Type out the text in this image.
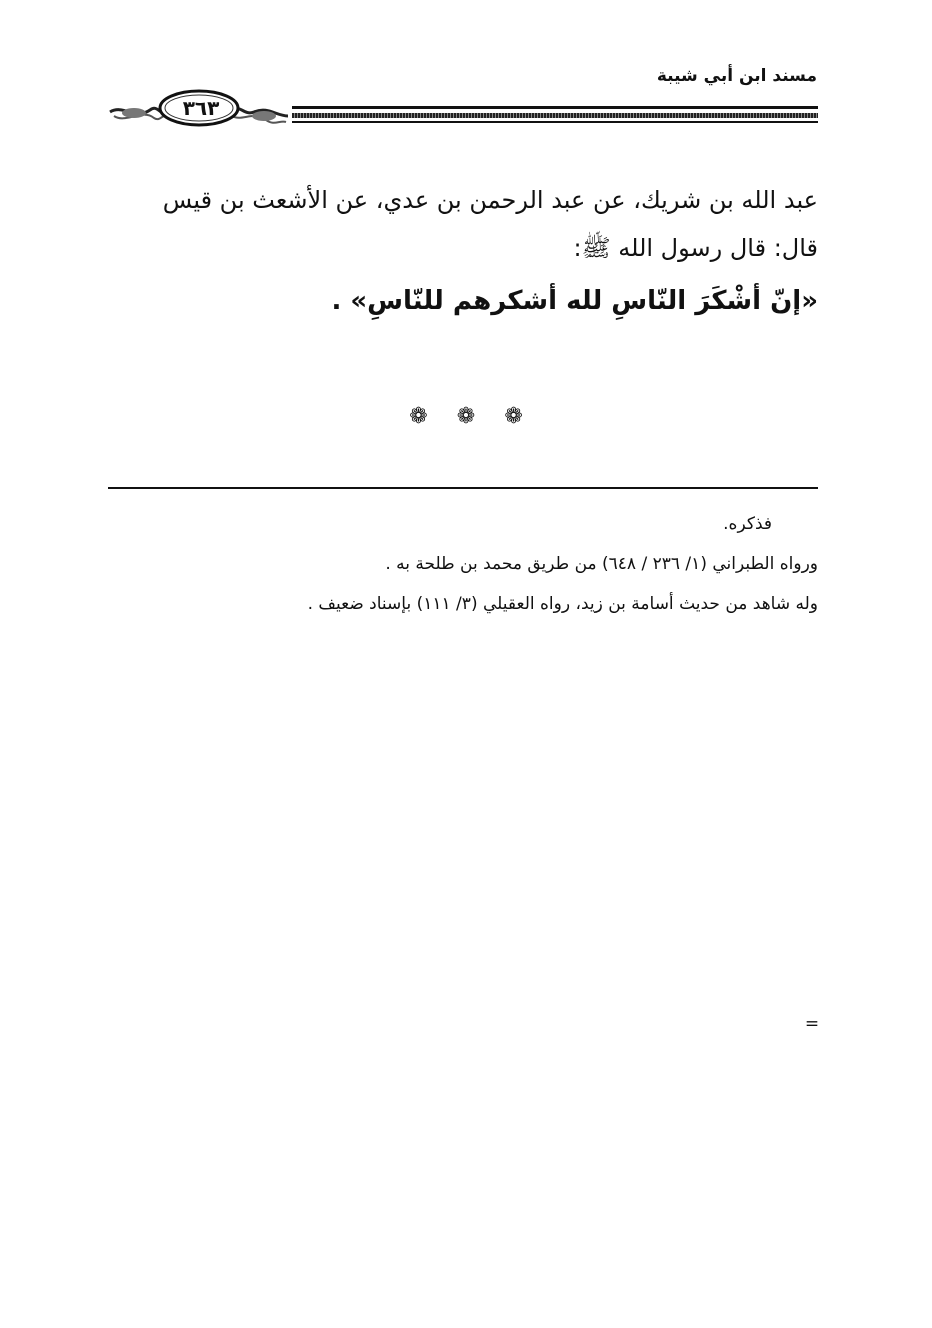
مسند ابن أبي شيبة
٣٦٣

عبد الله بن شريك، عن عبد الرحمن بن عدي، عن الأشعث بن قيس

قال: قال رسول الله ﷺ:

«إنّ أشْكَرَ النّاسِ لله أشكرهم للنّاسِ» .
❁ ❁ ❁
=
فذكره.
ورواه الطبراني (١/ ٢٣٦ / ٦٤٨) من طريق محمد بن طلحة به .
وله شاهد من حديث أسامة بن زيد، رواه العقيلي (٣/ ١١١) بإسناد ضعيف .
